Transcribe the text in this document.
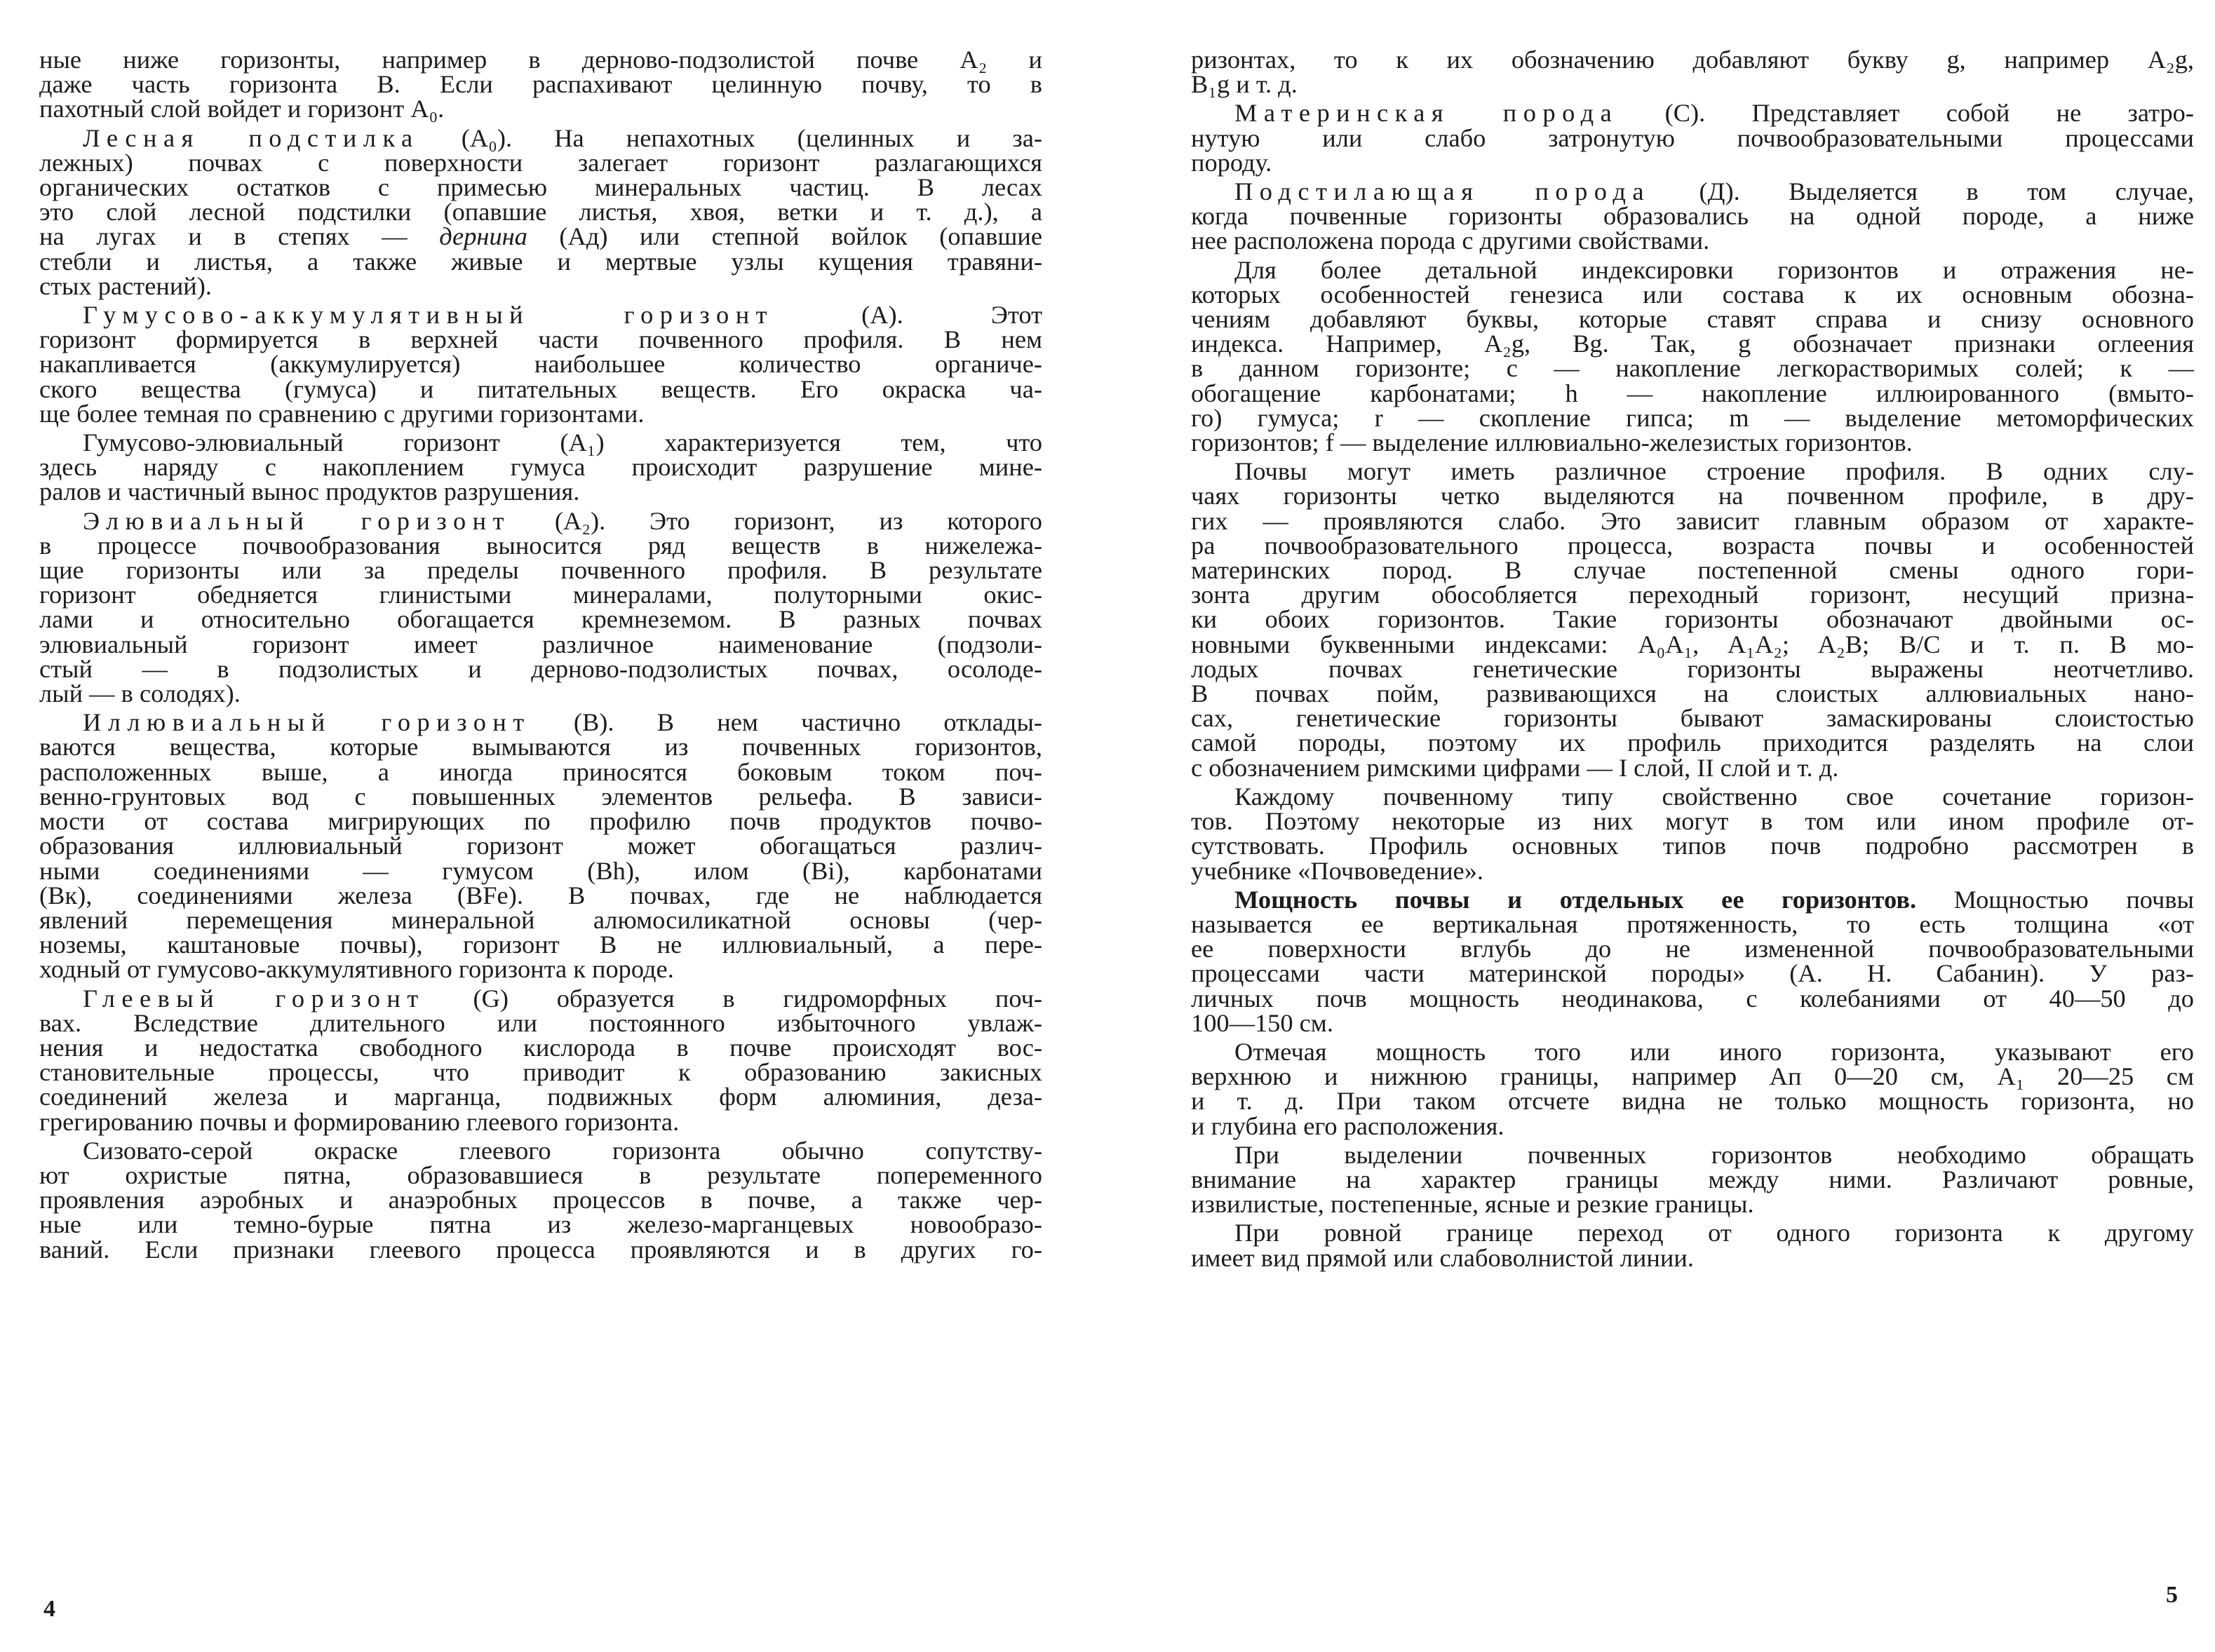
ные ниже горизонты, например в дерново-подзолистой почве A₂ и
даже часть горизонта B. Если распахивают целинную почву, то в
пахотный слой войдет и горизонт A₀.
Лесная подстилка (A₀). На непахотных (целинных и за-
лежных) почвах с поверхности залегает горизонт разлагающихся
органических остатков с примесью минеральных частиц. В лесах
это слой лесной подстилки (опавшие листья, хвоя, ветки и т. д.), а
на лугах и в степях — дернина (Aд) или степной войлок (опавшие
стебли и листья, а также живые и мертвые узлы кущения травяни-
стых растений).
Гумусово-аккумулятивный горизонт (A). Этот
горизонт формируется в верхней части почвенного профиля. В нем
накапливается (аккумулируется) наибольшее количество органиче-
ского вещества (гумуса) и питательных веществ. Его окраска ча-
ще более темная по сравнению с другими горизонтами.
Гумусово-элювиальный горизонт (A₁) характеризуется тем, что
здесь наряду с накоплением гумуса происходит разрушение мине-
ралов и частичный вынос продуктов разрушения.
Элювиальный горизонт (A₂). Это горизонт, из которого
в процессе почвообразования выносится ряд веществ в нижележа-
щие горизонты или за пределы почвенного профиля. В результате
горизонт обедняется глинистыми минералами, полуторными окис-
лами и относительно обогащается кремнеземом. В разных почвах
элювиальный горизонт имеет различное наименование (подзоли-
стый — в подзолистых и дерново-подзолистых почвах, осолоде-
лый — в солодях).
Иллювиальный горизонт (B). В нем частично отклады-
ваются вещества, которые вымываются из почвенных горизонтов,
расположенных выше, а иногда приносятся боковым током поч-
венно-грунтовых вод с повышенных элементов рельефа. В зависи-
мости от состава мигрирующих по профилю почв продуктов почво-
образования иллювиальный горизонт может обогащаться различ-
ными соединениями — гумусом (Bh), илом (Bi), карбонатами
(Bк), соединениями железа (BFe). В почвах, где не наблюдается
явлений перемещения минеральной алюмосиликатной основы (чер-
ноземы, каштановые почвы), горизонт B не иллювиальный, а пере-
ходный от гумусово-аккумулятивного горизонта к породе.
Глеевый горизонт (G) образуется в гидроморфных поч-
вах. Вследствие длительного или постоянного избыточного увлаж-
нения и недостатка свободного кислорода в почве происходят вос-
становительные процессы, что приводит к образованию закисных
соединений железа и марганца, подвижных форм алюминия, деза-
грегированию почвы и формированию глеевого горизонта.
Сизовато-серой окраске глеевого горизонта обычно сопутству-
ют охристые пятна, образовавшиеся в результате попеременного
проявления аэробных и анаэробных процессов в почве, а также чер-
ные или темно-бурые пятна из железо-марганцевых новообразо-
ваний. Если признаки глеевого процесса проявляются и в других го-
4
ризонтах, то к их обозначению добавляют букву g, например A₂g,
B₁g и т. д.
Материнская порода (C). Представляет собой не затро-
нутую или слабо затронутую почвообразовательными процессами
породу.
Подстилающая порода (Д). Выделяется в том случае,
когда почвенные горизонты образовались на одной породе, а ниже
нее расположена порода с другими свойствами.
Для более детальной индексировки горизонтов и отражения не-
которых особенностей генезиса или состава к их основным обозна-
чениям добавляют буквы, которые ставят справа и снизу основного
индекса. Например, A₂g, Bg. Так, g обозначает признаки оглеения
в данном горизонте; c — накопление легкорастворимых солей; к —
обогащение карбонатами; h — накопление иллюированного (вмыто-
го) гумуса; r — скопление гипса; m — выделение метоморфических
горизонтов; f — выделение иллювиально-железистых горизонтов.
Почвы могут иметь различное строение профиля. В одних слу-
чаях горизонты четко выделяются на почвенном профиле, в дру-
гих — проявляются слабо. Это зависит главным образом от характе-
ра почвообразовательного процесса, возраста почвы и особенностей
материнских пород. В случае постепенной смены одного гори-
зонта другим обособляется переходный горизонт, несущий призна-
ки обоих горизонтов. Такие горизонты обозначают двойными ос-
новными буквенными индексами: A₀A₁, A₁A₂; A₂B; B/C и т. п. В мо-
лодых почвах генетические горизонты выражены неотчетливо.
В почвах пойм, развивающихся на слоистых аллювиальных нано-
сах, генетические горизонты бывают замаскированы слоистостью
самой породы, поэтому их профиль приходится разделять на слои
с обозначением римскими цифрами — I слой, II слой и т. д.
Каждому почвенному типу свойственно свое сочетание горизон-
тов. Поэтому некоторые из них могут в том или ином профиле от-
сутствовать. Профиль основных типов почв подробно рассмотрен в
учебнике «Почвоведение».
Мощность почвы и отдельных ее горизонтов. Мощностью почвы
называется ее вертикальная протяженность, то есть толщина «от
ее поверхности вглубь до не измененной почвообразовательными
процессами части материнской породы» (А. Н. Сабанин). У раз-
личных почв мощность неодинакова, с колебаниями от 40—50 до
100—150 см.
Отмечая мощность того или иного горизонта, указывают его
верхнюю и нижнюю границы, например Aп 0—20 см, A₁ 20—25 см
и т. д. При таком отсчете видна не только мощность горизонта, но
и глубина его расположения.
При выделении почвенных горизонтов необходимо обращать
внимание на характер границы между ними. Различают ровные,
извилистые, постепенные, ясные и резкие границы.
При ровной границе переход от одного горизонта к другому
имеет вид прямой или слабоволнистой линии.
5
